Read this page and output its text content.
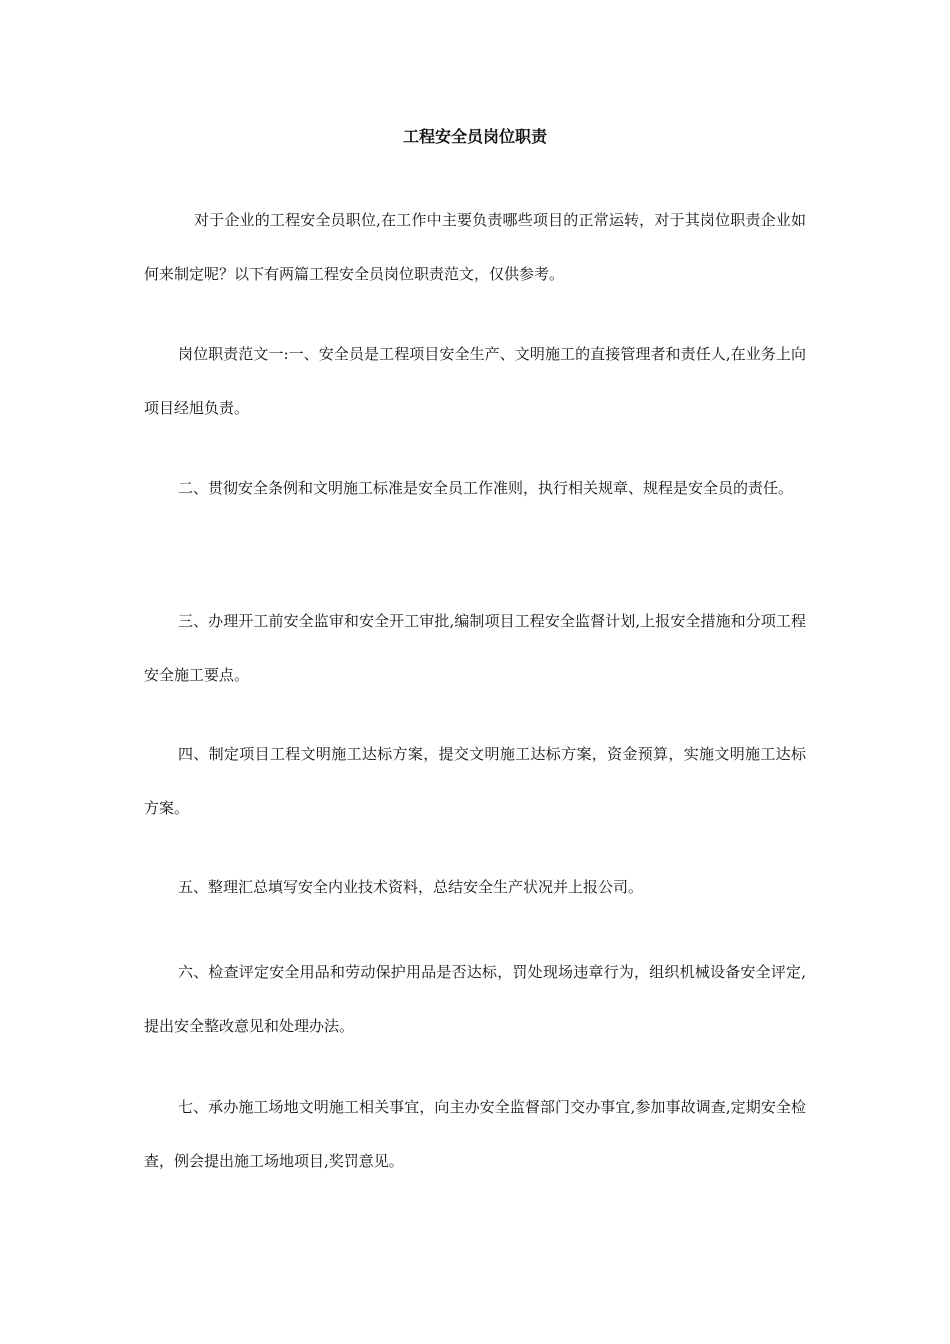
工程安全员岗位职责

对于企业的工程安全员职位,在工作中主要负责哪些项目的正常运转，对于其岗位职责企业如何来制定呢？以下有两篇工程安全员岗位职责范文，仅供参考。

岗位职责范文一:一、安全员是工程项目安全生产、文明施工的直接管理者和责任人,在业务上向项目经旭负责。

二、贯彻安全条例和文明施工标准是安全员工作准则，执行相关规章、规程是安全员的责任。

三、办理开工前安全监审和安全开工审批,编制项目工程安全监督计划,上报安全措施和分项工程安全施工要点。

四、制定项目工程文明施工达标方案，提交文明施工达标方案，资金预算，实施文明施工达标方案。

五、整理汇总填写安全内业技术资料，总结安全生产状况并上报公司。

六、检查评定安全用品和劳动保护用品是否达标，罚处现场违章行为，组织机械设备安全评定,提出安全整改意见和处理办法。

七、承办施工场地文明施工相关事宜，向主办安全监督部门交办事宜,参加事故调查,定期安全检查，例会提出施工场地项目,奖罚意见。
